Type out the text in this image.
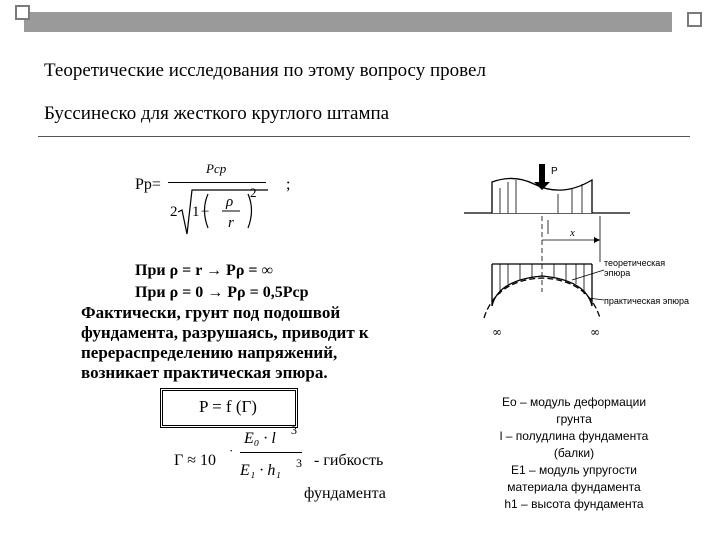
Теоретические исследования по этому вопросу провел
Буссинеско для жесткого круглого штампа
Pp=
Pср
2 1 −
ρ
r
2 ;
При ρ = r → Pρ = ∞
При ρ = 0 → Pρ = 0,5Pср
Фактически, грунт под подошвой
фундамента, разрушаясь, приводит к
перераспределению напряжений,
возникает практическая эпюра.
P = f (Г)
Г ≈ 10
·
E₀ · l 3
E₁ · h₁ 3 - гибкость
фундамента
P
x
∞	∞
теоретическая эпюра
практическая эпюра
Eo – модуль деформации
грунта
l – полудлина фундамента
(балки)
E1 – модуль упругости
материала фундамента
h1 – высота фундамента
